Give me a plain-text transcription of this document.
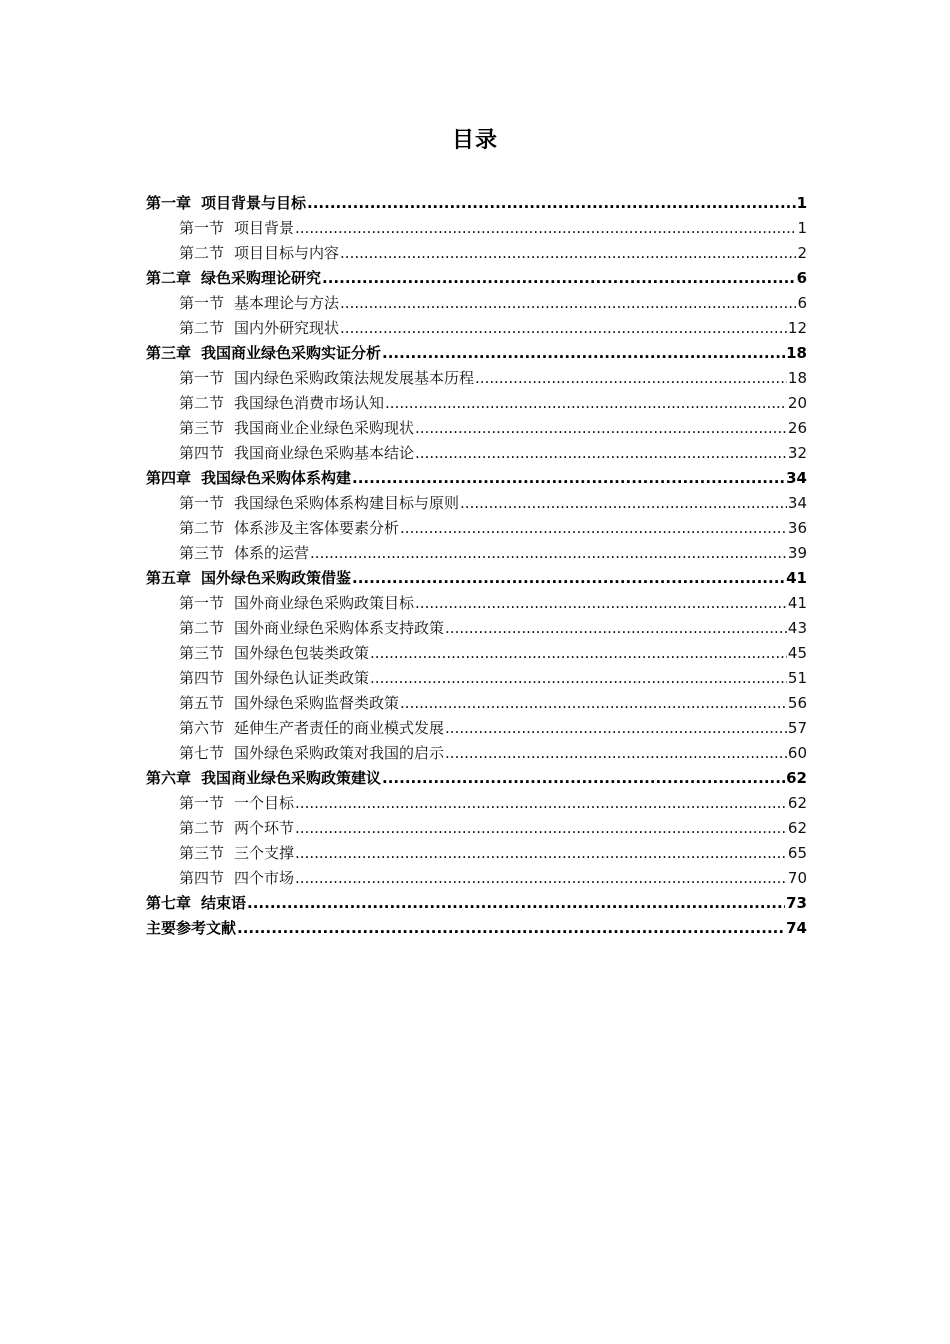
目录
第一章 项目背景与目标 .....	1
第一节 项目背景 .....	1
第二节 项目目标与内容 .....	2
第二章 绿色采购理论研究 .....	6
第一节 基本理论与方法 .....	6
第二节 国内外研究现状 .....	12
第三章 我国商业绿色采购实证分析 .....	18
第一节 国内绿色采购政策法规发展基本历程 .....	18
第二节 我国绿色消费市场认知 .....	20
第三节 我国商业企业绿色采购现状 .....	26
第四节 我国商业绿色采购基本结论 .....	32
第四章 我国绿色采购体系构建 .....	34
第一节 我国绿色采购体系构建目标与原则 .....	34
第二节 体系涉及主客体要素分析 .....	36
第三节 体系的运营 .....	39
第五章 国外绿色采购政策借鉴 .....	41
第一节 国外商业绿色采购政策目标 .....	41
第二节 国外商业绿色采购体系支持政策 .....	43
第三节 国外绿色包装类政策 .....	45
第四节 国外绿色认证类政策 .....	51
第五节 国外绿色采购监督类政策 .....	56
第六节 延伸生产者责任的商业模式发展 .....	57
第七节 国外绿色采购政策对我国的启示 .....	60
第六章 我国商业绿色采购政策建议 .....	62
第一节 一个目标 .....	62
第二节 两个环节 .....	62
第三节 三个支撑 .....	65
第四节 四个市场 .....	70
第七章 结束语 .....	73
主要参考文献 .....	74
